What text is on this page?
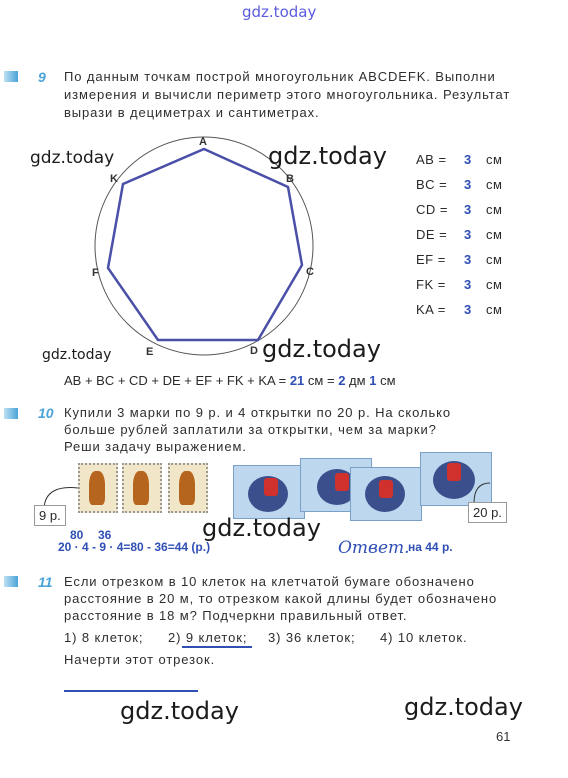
gdz.today
9 По данным точкам построй многоугольник ABCDEFK. Выполни
измерения и вычисли периметр этого многоугольника. Результат
вырази в дециметрах и сантиметрах.
A
B
C
D
E
F
K
gdz.today	gdz.today
gdz.today	gdz.today
AB = 3 см
BC = 3 см
CD = 3 см
DE = 3 см
EF = 3 см
FK = 3 см
KA = 3 см
AB + BC + CD + DE + EF + FK + KA = 21 см = 2 дм 1 см
10 Купили 3 марки по 9 р. и 4 открытки по 20 р. На сколько
больше рублей заплатили за открытки, чем за марки?
Реши задачу выражением.
9 р.	20 р.
80 36
20 · 4 - 9 · 4=80 - 36=44 (р.)	Ответ.
на 44 р.
gdz.today
11 Если отрезком в 10 клеток на клетчатой бумаге обозначено
расстояние в 20 м, то отрезком какой длины будет обозначено
расстояние в 18 м? Подчеркни правильный ответ.
1) 8 клеток; 2) 9 клеток; 3) 36 клеток; 4) 10 клеток.
Начерти этот отрезок.
gdz.today	gdz.today
61
